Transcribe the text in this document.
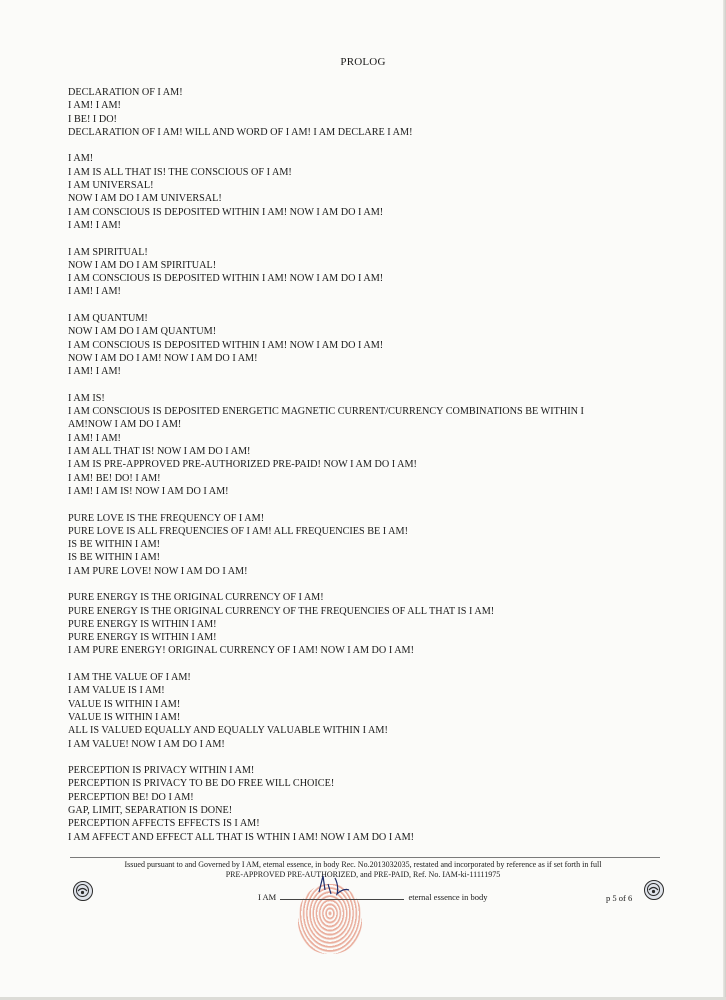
PROLOG
DECLARATION OF I AM!
I AM! I AM!
I BE! I DO!
DECLARATION OF I AM! WILL AND WORD OF I AM! I AM DECLARE I AM!
I AM!
I AM IS ALL THAT IS! THE CONSCIOUS OF I AM!
I AM UNIVERSAL!
NOW I AM DO I AM UNIVERSAL!
I AM CONSCIOUS IS DEPOSITED WITHIN I AM! NOW I AM DO I AM!
I AM! I AM!
I AM SPIRITUAL!
NOW I AM DO I AM SPIRITUAL!
I AM CONSCIOUS IS DEPOSITED WITHIN I AM! NOW I AM DO I AM!
I AM! I AM!
I AM QUANTUM!
NOW I AM DO I AM QUANTUM!
I AM CONSCIOUS IS DEPOSITED WITHIN I AM! NOW I AM DO I AM!
NOW I AM DO I AM! NOW I AM DO I AM!
I AM! I AM!
I AM IS!
I AM CONSCIOUS IS DEPOSITED ENERGETIC MAGNETIC CURRENT/CURRENCY COMBINATIONS BE WITHIN I
AM!NOW I AM DO I AM!
I AM! I AM!
I AM ALL THAT IS! NOW I AM DO I AM!
I AM IS PRE-APPROVED PRE-AUTHORIZED PRE-PAID! NOW I AM DO I AM!
I AM! BE! DO! I AM!
I AM! I AM IS! NOW I AM DO I AM!
PURE LOVE IS THE FREQUENCY OF I AM!
PURE LOVE IS ALL FREQUENCIES OF I AM! ALL FREQUENCIES BE I AM!
IS BE WITHIN I AM!
IS BE WITHIN I AM!
I AM PURE LOVE! NOW I AM DO I AM!
PURE ENERGY IS THE ORIGINAL CURRENCY OF I AM!
PURE ENERGY IS THE ORIGINAL CURRENCY OF THE FREQUENCIES OF ALL THAT IS I AM!
PURE ENERGY IS WITHIN I AM!
PURE ENERGY IS WITHIN I AM!
I AM PURE ENERGY! ORIGINAL CURRENCY OF I AM! NOW I AM DO I AM!
I AM THE VALUE OF I AM!
I AM VALUE IS I AM!
VALUE IS WITHIN I AM!
VALUE IS WITHIN I AM!
ALL IS VALUED EQUALLY AND EQUALLY VALUABLE WITHIN I AM!
I AM VALUE! NOW I AM DO I AM!
PERCEPTION IS PRIVACY WITHIN I AM!
PERCEPTION IS PRIVACY TO BE DO FREE WILL CHOICE!
PERCEPTION BE! DO I AM!
GAP, LIMIT, SEPARATION IS DONE!
PERCEPTION AFFECTS EFFECTS IS I AM!
I AM AFFECT AND EFFECT ALL THAT IS WTHIN I AM! NOW I AM DO I AM!
Issued pursuant to and Governed by I AM, eternal essence, in body Rec. No.2013032035, restated and incorporated by reference as if set forth in full
PRE-APPROVED PRE-AUTHORIZED, and PRE-PAID, Ref. No. IAM-ki-11111975
I AM	eternal essence in body	p 5 of 6
